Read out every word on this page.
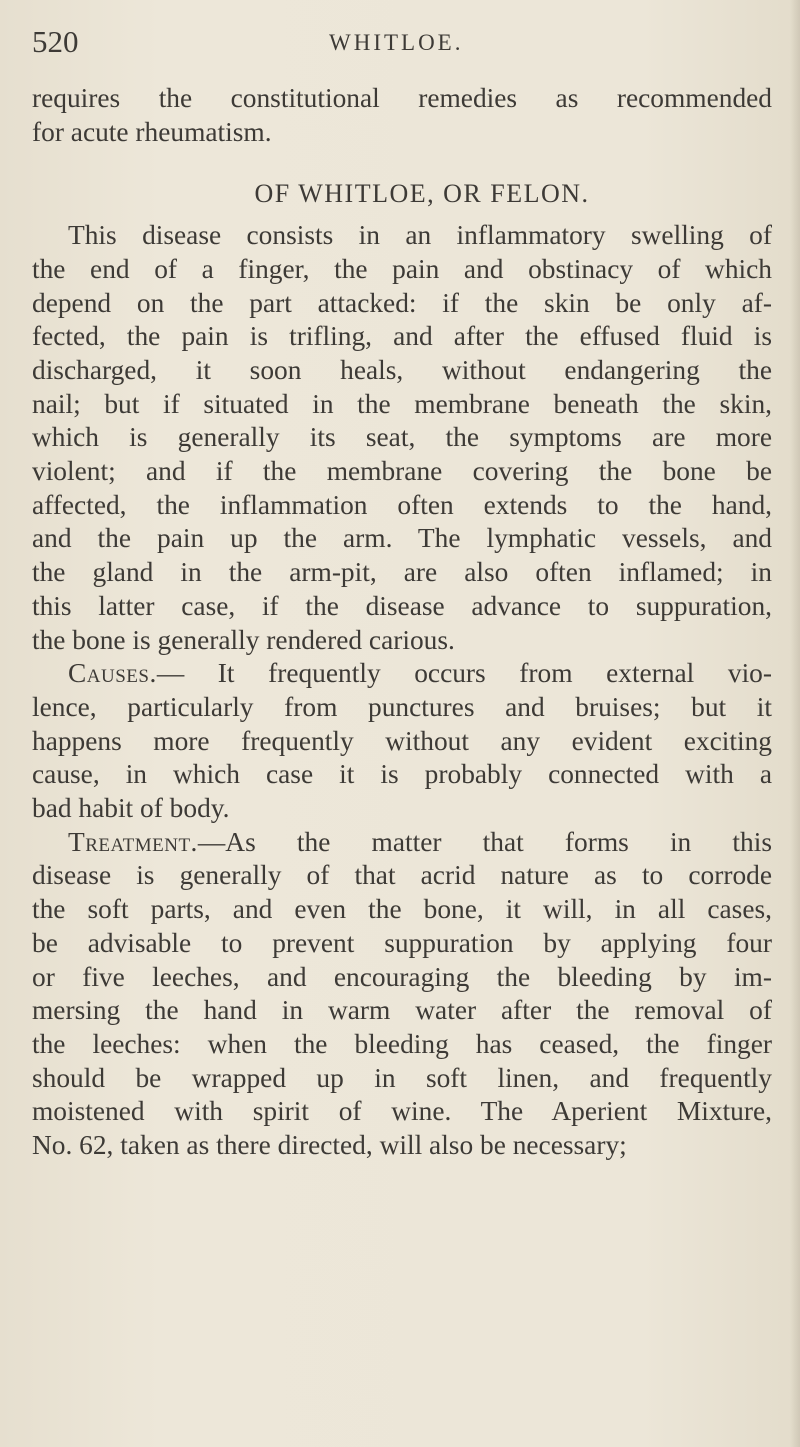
520	WHITLOE.
requires the constitutional remedies as recommended
for acute rheumatism.
OF WHITLOE, OR FELON.
This disease consists in an inflammatory swelling of
the end of a finger, the pain and obstinacy of which
depend on the part attacked: if the skin be only af-
fected, the pain is trifling, and after the effused fluid is
discharged, it soon heals, without endangering the
nail; but if situated in the membrane beneath the skin,
which is generally its seat, the symptoms are more
violent; and if the membrane covering the bone be
affected, the inflammation often extends to the hand,
and the pain up the arm. The lymphatic vessels, and
the gland in the arm-pit, are also often inflamed; in
this latter case, if the disease advance to suppuration,
the bone is generally rendered carious.
Causes.— It frequently occurs from external vio-
lence, particularly from punctures and bruises; but it
happens more frequently without any evident exciting
cause, in which case it is probably connected with a
bad habit of body.
Treatment.—As the matter that forms in this
disease is generally of that acrid nature as to corrode
the soft parts, and even the bone, it will, in all cases,
be advisable to prevent suppuration by applying four
or five leeches, and encouraging the bleeding by im-
mersing the hand in warm water after the removal of
the leeches: when the bleeding has ceased, the finger
should be wrapped up in soft linen, and frequently
moistened with spirit of wine. The Aperient Mixture,
No. 62, taken as there directed, will also be necessary;
